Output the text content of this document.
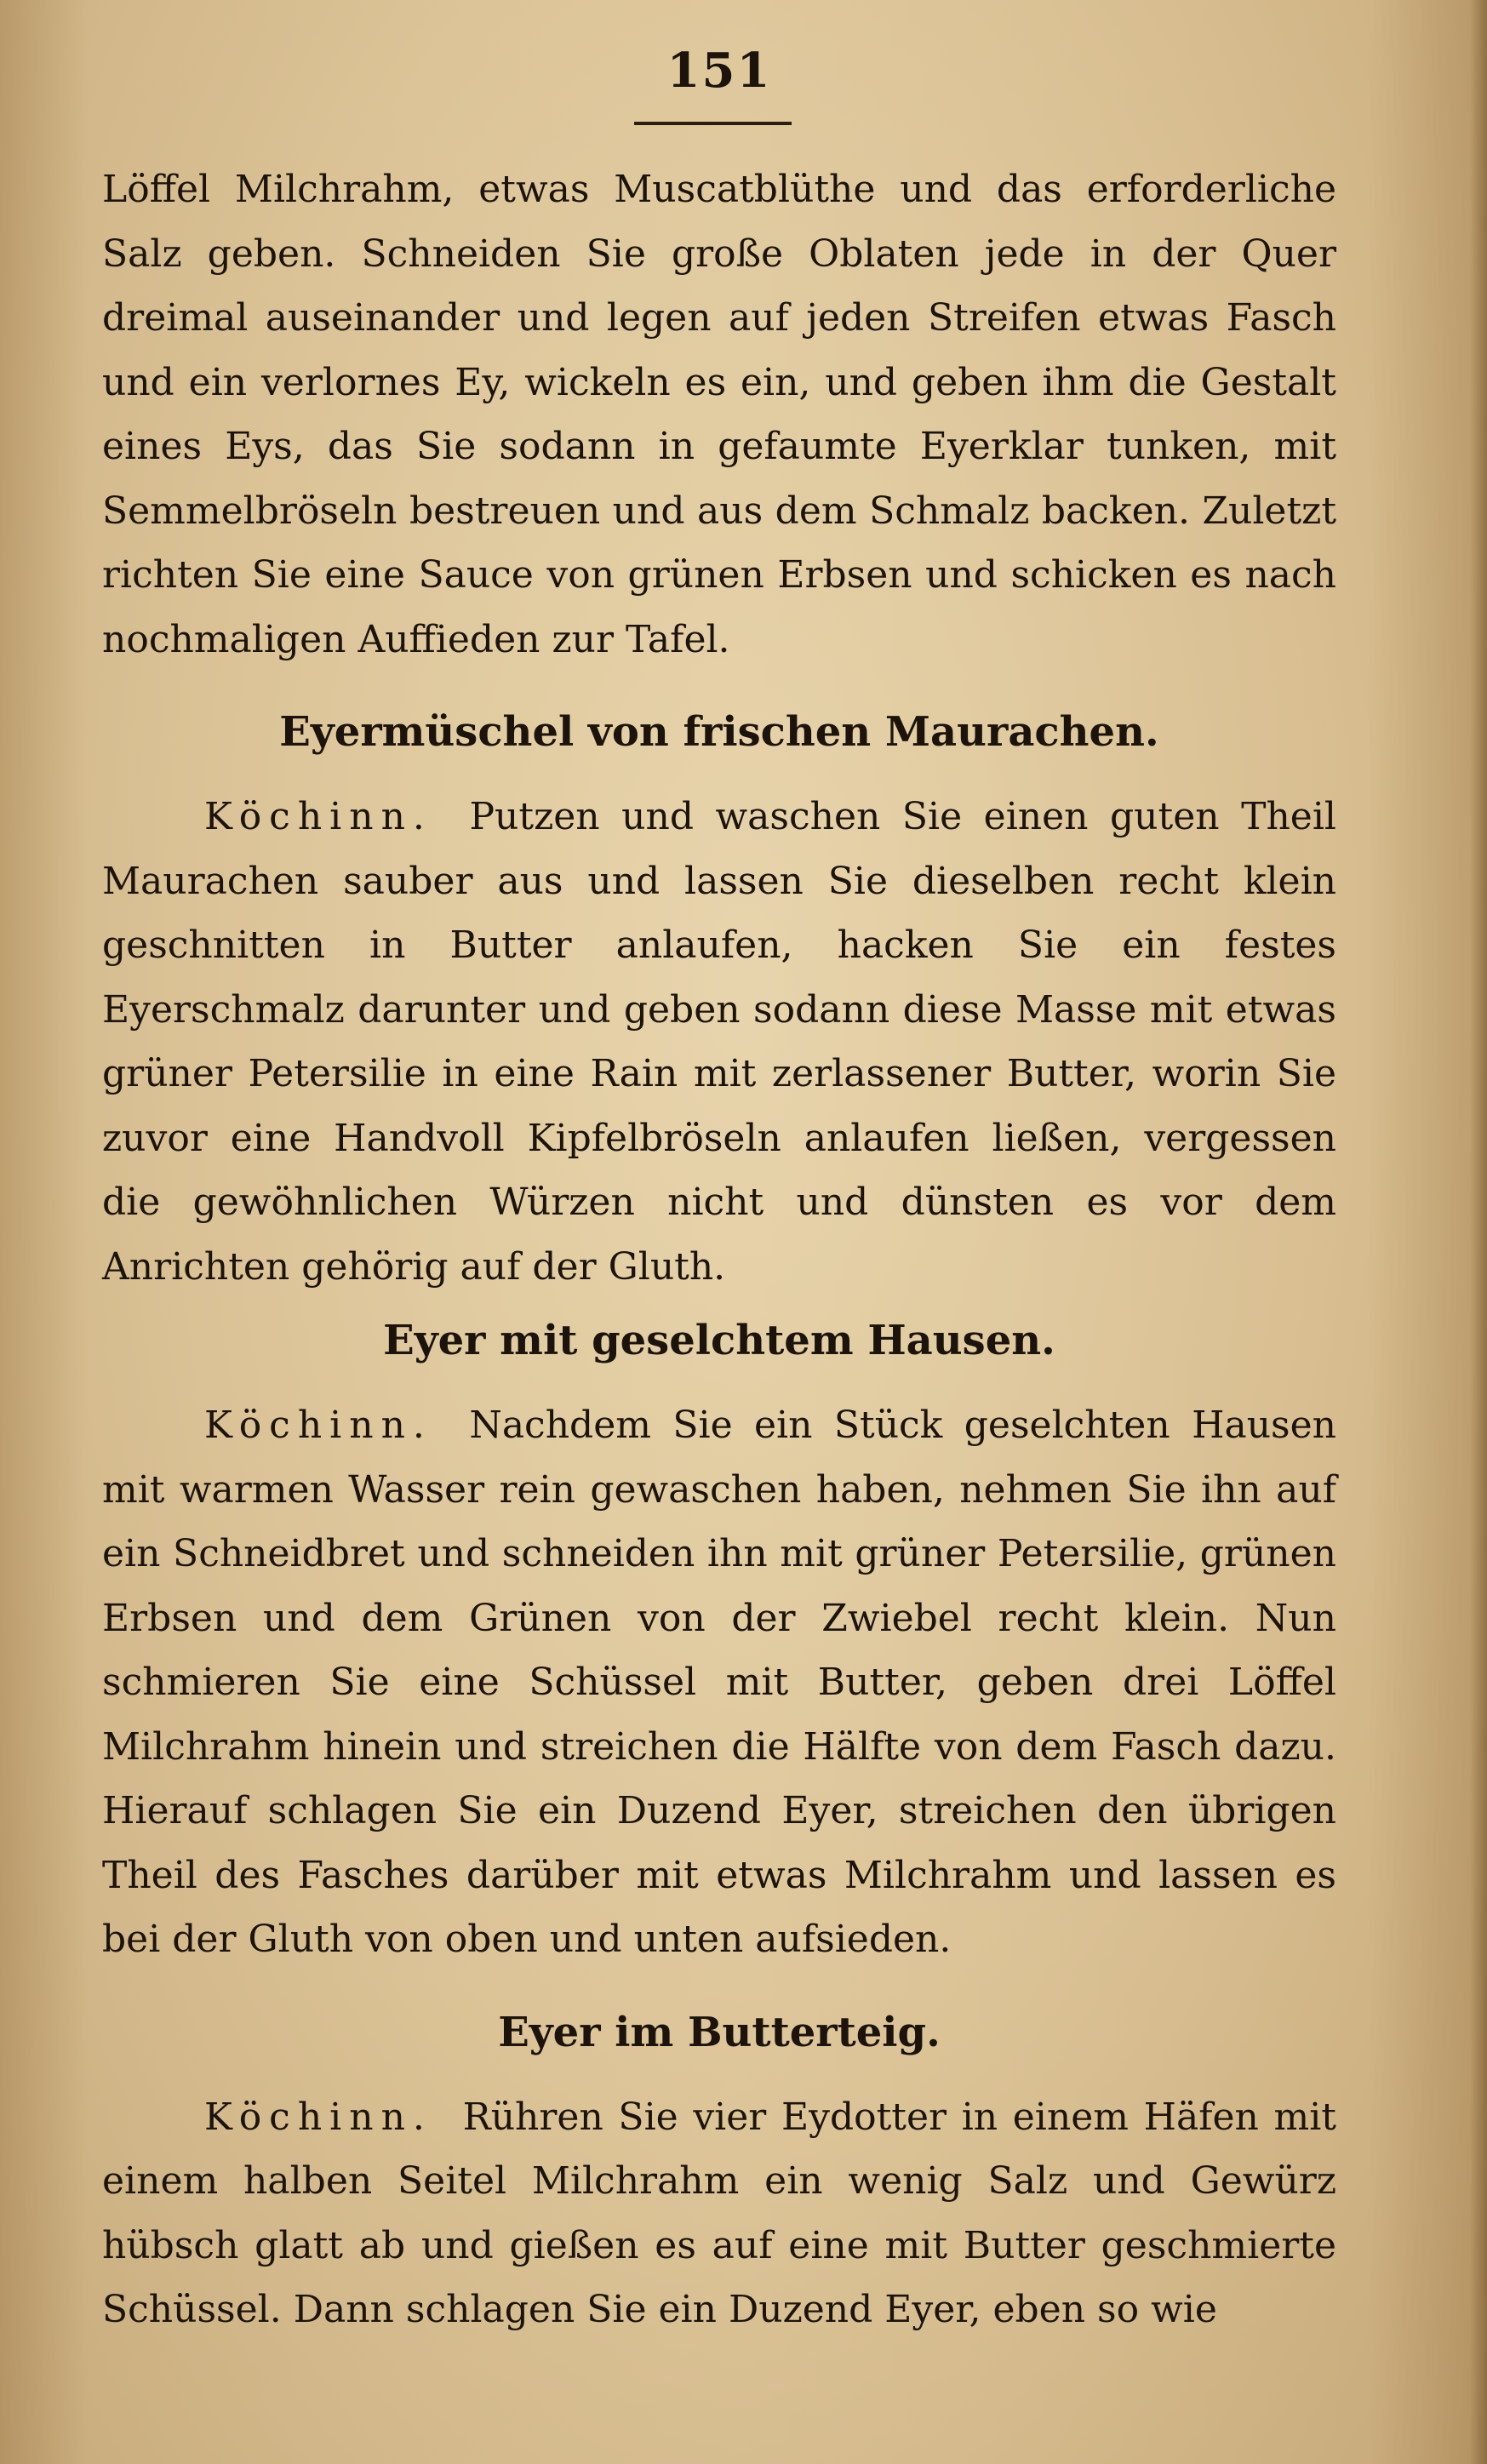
151

Löffel Milchrahm, etwas Muscatblüthe und das erforderliche Salz geben. Schneiden Sie große Oblaten jede in der Quer dreimal auseinander und legen auf jeden Streifen etwas Fasch und ein verlornes Ey, wickeln es ein, und geben ihm die Gestalt eines Eys, das Sie sodann in gefaumte Eyerklar tunken, mit Semmelbröseln bestreuen und aus dem Schmalz backen. Zuletzt richten Sie eine Sauce von grünen Erbsen und schicken es nach nochmaligen Auffieden zur Tafel.

Eyermüschel von frischen Maurachen.

Köchinn. Putzen und waschen Sie einen guten Theil Maurachen sauber aus und lassen Sie dieselben recht klein geschnitten in Butter anlaufen, hacken Sie ein festes Eyerschmalz darunter und geben sodann diese Masse mit etwas grüner Petersilie in eine Rain mit zerlassener Butter, worin Sie zuvor eine Handvoll Kipfelbröseln anlaufen ließen, vergessen die gewöhnlichen Würzen nicht und dünsten es vor dem Anrichten gehörig auf der Gluth.

Eyer mit geselchtem Hausen.

Köchinn. Nachdem Sie ein Stück geselchten Hausen mit warmen Wasser rein gewaschen haben, nehmen Sie ihn auf ein Schneidbret und schneiden ihn mit grüner Petersilie, grünen Erbsen und dem Grünen von der Zwiebel recht klein. Nun schmieren Sie eine Schüssel mit Butter, geben drei Löffel Milchrahm hinein und streichen die Hälfte von dem Fasch dazu. Hierauf schlagen Sie ein Duzend Eyer, streichen den übrigen Theil des Fasches darüber mit etwas Milchrahm und lassen es bei der Gluth von oben und unten aufsieden.

Eyer im Butterteig.

Köchinn. Rühren Sie vier Eydotter in einem Häfen mit einem halben Seitel Milchrahm ein wenig Salz und Gewürz hübsch glatt ab und gießen es auf eine mit Butter geschmierte Schüssel. Dann schlagen Sie ein Duzend Eyer, eben so wie
